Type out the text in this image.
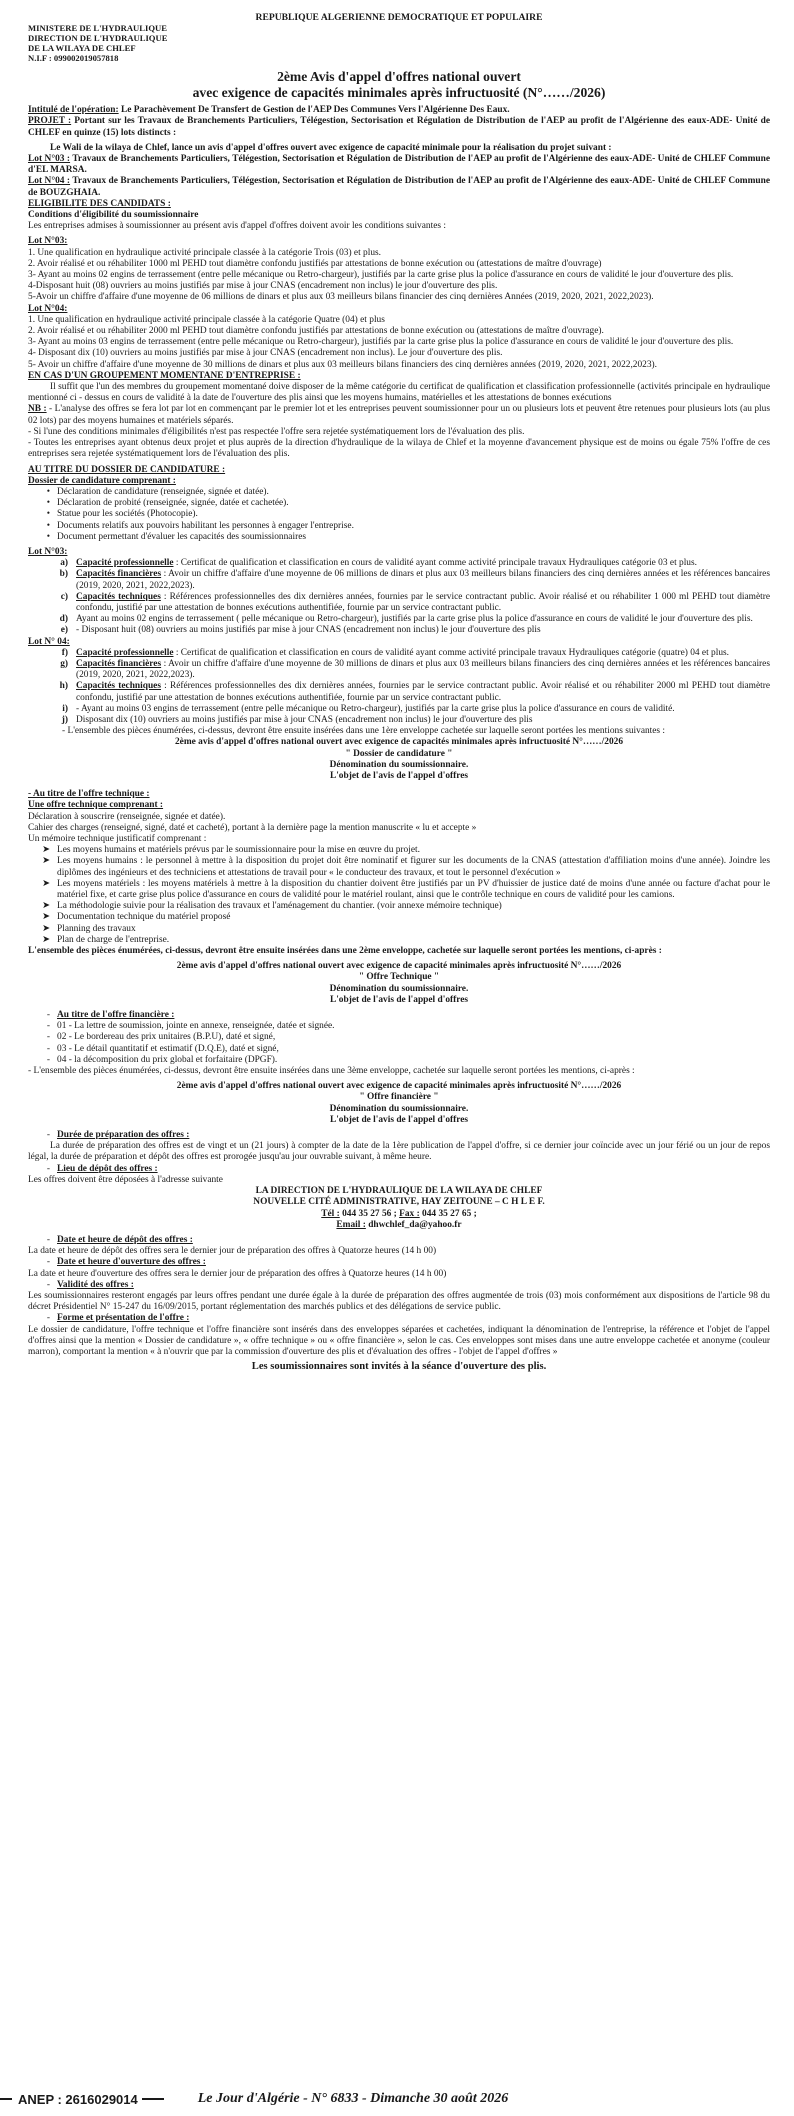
REPUBLIQUE ALGERIENNE DEMOCRATIQUE ET POPULAIRE

MINISTERE DE L'HYDRAULIQUE

DIRECTION DE L'HYDRAULIQUE

DE LA WILAYA DE CHLEF

N.I.F : 099002019057818

2ème Avis d'appel d'offres national ouvert

avec exigence de capacités minimales après infructuosité (N°……/2026)

Intitulé de l'opération: Le Parachèvement De Transfert de Gestion de l'AEP Des Communes Vers l'Algérienne Des Eaux.

PROJET : Portant sur les Travaux de Branchements Particuliers, Télégestion, Sectorisation et Régulation de Distribution de l'AEP au profit de l'Algérienne des eaux-ADE- Unité de CHLEF en quinze (15) lots distincts :

Le Wali de la wilaya de Chlef, lance un avis d'appel d'offres ouvert avec exigence de capacité minimale pour la réalisation du projet suivant :

Lot N°03 : Travaux de Branchements Particuliers, Télégestion, Sectorisation et Régulation de Distribution de l'AEP au profit de l'Algérienne des eaux-ADE- Unité de CHLEF Commune d'EL MARSA.

Lot N°04 : Travaux de Branchements Particuliers, Télégestion, Sectorisation et Régulation de Distribution de l'AEP au profit de l'Algérienne des eaux-ADE- Unité de CHLEF Commune de BOUZGHAIA.

ELIGIBILITE DES CANDIDATS :

Conditions d'éligibilité du soumissionnaire

Les entreprises admises à soumissionner au présent avis d'appel d'offres doivent avoir les conditions suivantes :

Lot N°03:

1. Une qualification en hydraulique activité principale classée à la catégorie Trois (03) et plus.

2. Avoir réalisé et ou réhabiliter 1000 ml PEHD tout diamètre confondu justifiés par attestations de bonne exécution ou (attestations de maître d'ouvrage)

3- Ayant au moins 02 engins de terrassement (entre pelle mécanique ou Retro-chargeur), justifiés par la carte grise plus la police d'assurance en cours de validité le jour d'ouverture des plis.

4-Disposant huit (08) ouvriers au moins justifiés par mise à jour CNAS (encadrement non inclus) le jour d'ouverture des plis.

5-Avoir un chiffre d'affaire d'une moyenne de 06 millions de dinars et plus aux 03 meilleurs bilans financier des cinq dernières Années (2019, 2020, 2021, 2022,2023).

Lot N°04:

1. Une qualification en hydraulique activité principale classée à la catégorie Quatre (04) et plus

2. Avoir réalisé et ou réhabiliter 2000 ml PEHD tout diamètre confondu justifiés par attestations de bonne exécution ou (attestations de maître d'ouvrage).

3- Ayant au moins 03 engins de terrassement (entre pelle mécanique ou Retro-chargeur), justifiés par la carte grise plus la police d'assurance en cours de validité le jour d'ouverture des plis.

4- Disposant dix (10) ouvriers au moins justifiés par mise à jour CNAS (encadrement non inclus). Le jour d'ouverture des plis.

5- Avoir un chiffre d'affaire d'une moyenne de 30 millions de dinars et plus aux 03 meilleurs bilans financiers des cinq dernières années (2019, 2020, 2021, 2022,2023).

EN CAS D'UN GROUPEMENT MOMENTANE D'ENTREPRISE :

Il suffit que l'un des membres du groupement momentané doive disposer de la même catégorie du certificat de qualification et classification professionnelle (activités principale en hydraulique mentionné ci - dessus en cours de validité à la date de l'ouverture des plis ainsi que les moyens humains, matérielles et les attestations de bonnes exécutions

NB : - L'analyse des offres se fera lot par lot en commençant par le premier lot et les entreprises peuvent soumissionner pour un ou plusieurs lots et peuvent être retenues pour plusieurs lots (au plus 02 lots) par des moyens humaines et matériels séparés.

- Si l'une des conditions minimales d'éligibilités n'est pas respectée l'offre sera rejetée systématiquement lors de l'évaluation des plis.

- Toutes les entreprises ayant obtenus deux projet et plus auprès de la direction d'hydraulique de la wilaya de Chlef et la moyenne d'avancement physique est de moins ou égale 75% l'offre de ces entreprises sera rejetée systématiquement lors de l'évaluation des plis.

AU TITRE DU DOSSIER DE CANDIDATURE :

Dossier de candidature comprenant :

• Déclaration de candidature (renseignée, signée et datée).
• Déclaration de probité (renseignée, signée, datée et cachetée).
• Statue pour les sociétés (Photocopie).
• Documents relatifs aux pouvoirs habilitant les personnes à engager l'entreprise.
• Document permettant d'évaluer les capacités des soumissionnaires

Lot N°03:

a) Capacité professionnelle : Certificat de qualification et classification en cours de validité ayant comme activité principale travaux Hydrauliques catégorie 03 et plus.
b) Capacités financières : Avoir un chiffre d'affaire d'une moyenne de 06 millions de dinars et plus aux 03 meilleurs bilans financiers des cinq dernières années et les références bancaires (2019, 2020, 2021, 2022,2023).
c) Capacités techniques : Références professionnelles des dix dernières années, fournies par le service contractant public. Avoir réalisé et ou réhabiliter 1 000 ml PEHD tout diamètre confondu, justifié par une attestation de bonnes exécutions authentifiée, fournie par un service contractant public.
d) Ayant au moins 02 engins de terrassement ( pelle mécanique ou Retro-chargeur), justifiés par la carte grise plus la police d'assurance en cours de validité le jour d'ouverture des plis.
e) - Disposant huit (08) ouvriers au moins justifiés par mise à jour CNAS (encadrement non inclus) le jour d'ouverture des plis

Lot N° 04:

f) Capacité professionnelle : Certificat de qualification et classification en cours de validité ayant comme activité principale travaux Hydrauliques catégorie (quatre) 04 et plus.
g) Capacités financières : Avoir un chiffre d'affaire d'une moyenne de 30 millions de dinars et plus aux 03 meilleurs bilans financiers des cinq dernières années et les références bancaires (2019, 2020, 2021, 2022,2023).
h) Capacités techniques : Références professionnelles des dix dernières années, fournies par le service contractant public. Avoir réalisé et ou réhabiliter 2000 ml PEHD tout diamètre confondu, justifié par une attestation de bonnes exécutions authentifiée, fournie par un service contractant public.
i) - Ayant au moins 03 engins de terrassement (entre pelle mécanique ou Retro-chargeur), justifiés par la carte grise plus la police d'assurance en cours de validité.
j) Disposant dix (10) ouvriers au moins justifiés par mise à jour CNAS (encadrement non inclus) le jour d'ouverture des plis

- L'ensemble des pièces énumérées, ci-dessus, devront être ensuite insérées dans une 1ère enveloppe cachetée sur laquelle seront portées les mentions suivantes :

2ème avis d'appel d'offres national ouvert avec exigence de capacités minimales après infructuosité N°……/2026

" Dossier de candidature "

Dénomination du soumissionnaire.

L'objet de l'avis de l'appel d'offres

- Au titre de l'offre technique :

Une offre technique comprenant :

Déclaration à souscrire (renseignée, signée et datée).

Cahier des charges (renseigné, signé, daté et cacheté), portant à la dernière page la mention manuscrite « lu et accepte »

Un mémoire technique justificatif comprenant :

➤ Les moyens humains et matériels prévus par le soumissionnaire pour la mise en œuvre du projet.
➤ Les moyens humains : le personnel à mettre à la disposition du projet doit être nominatif et figurer sur les documents de la CNAS (attestation d'affiliation moins d'une année). Joindre les diplômes des ingénieurs et des techniciens et attestations de travail pour « le conducteur des travaux, et tout le personnel d'exécution »
➤ Les moyens matériels : les moyens matériels à mettre à la disposition du chantier doivent être justifiés par un PV d'huissier de justice daté de moins d'une année ou facture d'achat pour le matériel fixe, et carte grise plus police d'assurance en cours de validité pour le matériel roulant, ainsi que le contrôle technique en cours de validité pour les camions.
➤ La méthodologie suivie pour la réalisation des travaux et l'aménagement du chantier. (voir annexe mémoire technique)
➤ Documentation technique du matériel proposé
➤ Planning des travaux
➤ Plan de charge de l'entreprise.

L'ensemble des pièces énumérées, ci-dessus, devront être ensuite insérées dans une 2ème enveloppe, cachetée sur laquelle seront portées les mentions, ci-après :

2ème avis d'appel d'offres national ouvert avec exigence de capacité minimales après infructuosité N°……/2026

" Offre Technique "

Dénomination du soumissionnaire.

L'objet de l'avis de l'appel d'offres

- Au titre de l'offre financière :
- 01 - La lettre de soumission, jointe en annexe, renseignée, datée et signée.
- 02 - Le bordereau des prix unitaires (B.P.U), daté et signé,
- 03 - Le détail quantitatif et estimatif (D.Q.E), daté et signé,
- 04 - la décomposition du prix global et forfaitaire (DPGF).

- L'ensemble des pièces énumérées, ci-dessus, devront être ensuite insérées dans une 3ème enveloppe, cachetée sur laquelle seront portées les mentions, ci-après :

2ème avis d'appel d'offres national ouvert avec exigence de capacité minimales après infructuosité N°……/2026

" Offre financière "

Dénomination du soumissionnaire.

L'objet de l'avis de l'appel d'offres

- Durée de préparation des offres :

La durée de préparation des offres est de vingt et un (21 jours) à compter de la date de la 1ère publication de l'appel d'offre, si ce dernier jour coïncide avec un jour férié ou un jour de repos légal, la durée de préparation et dépôt des offres est prorogée jusqu'au jour ouvrable suivant, à même heure.

- Lieu de dépôt des offres :

Les offres doivent être déposées à l'adresse suivante

LA DIRECTION DE L'HYDRAULIQUE DE LA WILAYA DE CHLEF

NOUVELLE CITÉ ADMINISTRATIVE, HAY ZEITOUNE – C H L E F.

Tél : 044 35 27 56 ; Fax : 044 35 27 65 ;

Email : dhwchlef_da@yahoo.fr

- Date et heure de dépôt des offres :

La date et heure de dépôt des offres sera le dernier jour de préparation des offres à Quatorze heures (14 h 00)

- Date et heure d'ouverture des offres :

La date et heure d'ouverture des offres sera le dernier jour de préparation des offres à Quatorze heures (14 h 00)

- Validité des offres :

Les soumissionnaires resteront engagés par leurs offres pendant une durée égale à la durée de préparation des offres augmentée de trois (03) mois conformément aux dispositions de l'article 98 du décret Présidentiel N° 15-247 du 16/09/2015, portant réglementation des marchés publics et des délégations de service public.

- Forme et présentation de l'offre :

Le dossier de candidature, l'offre technique et l'offre financière sont insérés dans des enveloppes séparées et cachetées, indiquant la dénomination de l'entreprise, la référence et l'objet de l'appel d'offres ainsi que la mention « Dossier de candidature », « offre technique » ou « offre financière », selon le cas. Ces enveloppes sont mises dans une autre enveloppe cachetée et anonyme (couleur marron), comportant la mention « à n'ouvrir que par la commission d'ouverture des plis et d'évaluation des offres - l'objet de l'appel d'offres »

Les soumissionnaires sont invités à la séance d'ouverture des plis.

ANEP : 2616029014	Le Jour d'Algérie - N° 6833 - Dimanche 30 août 2026
